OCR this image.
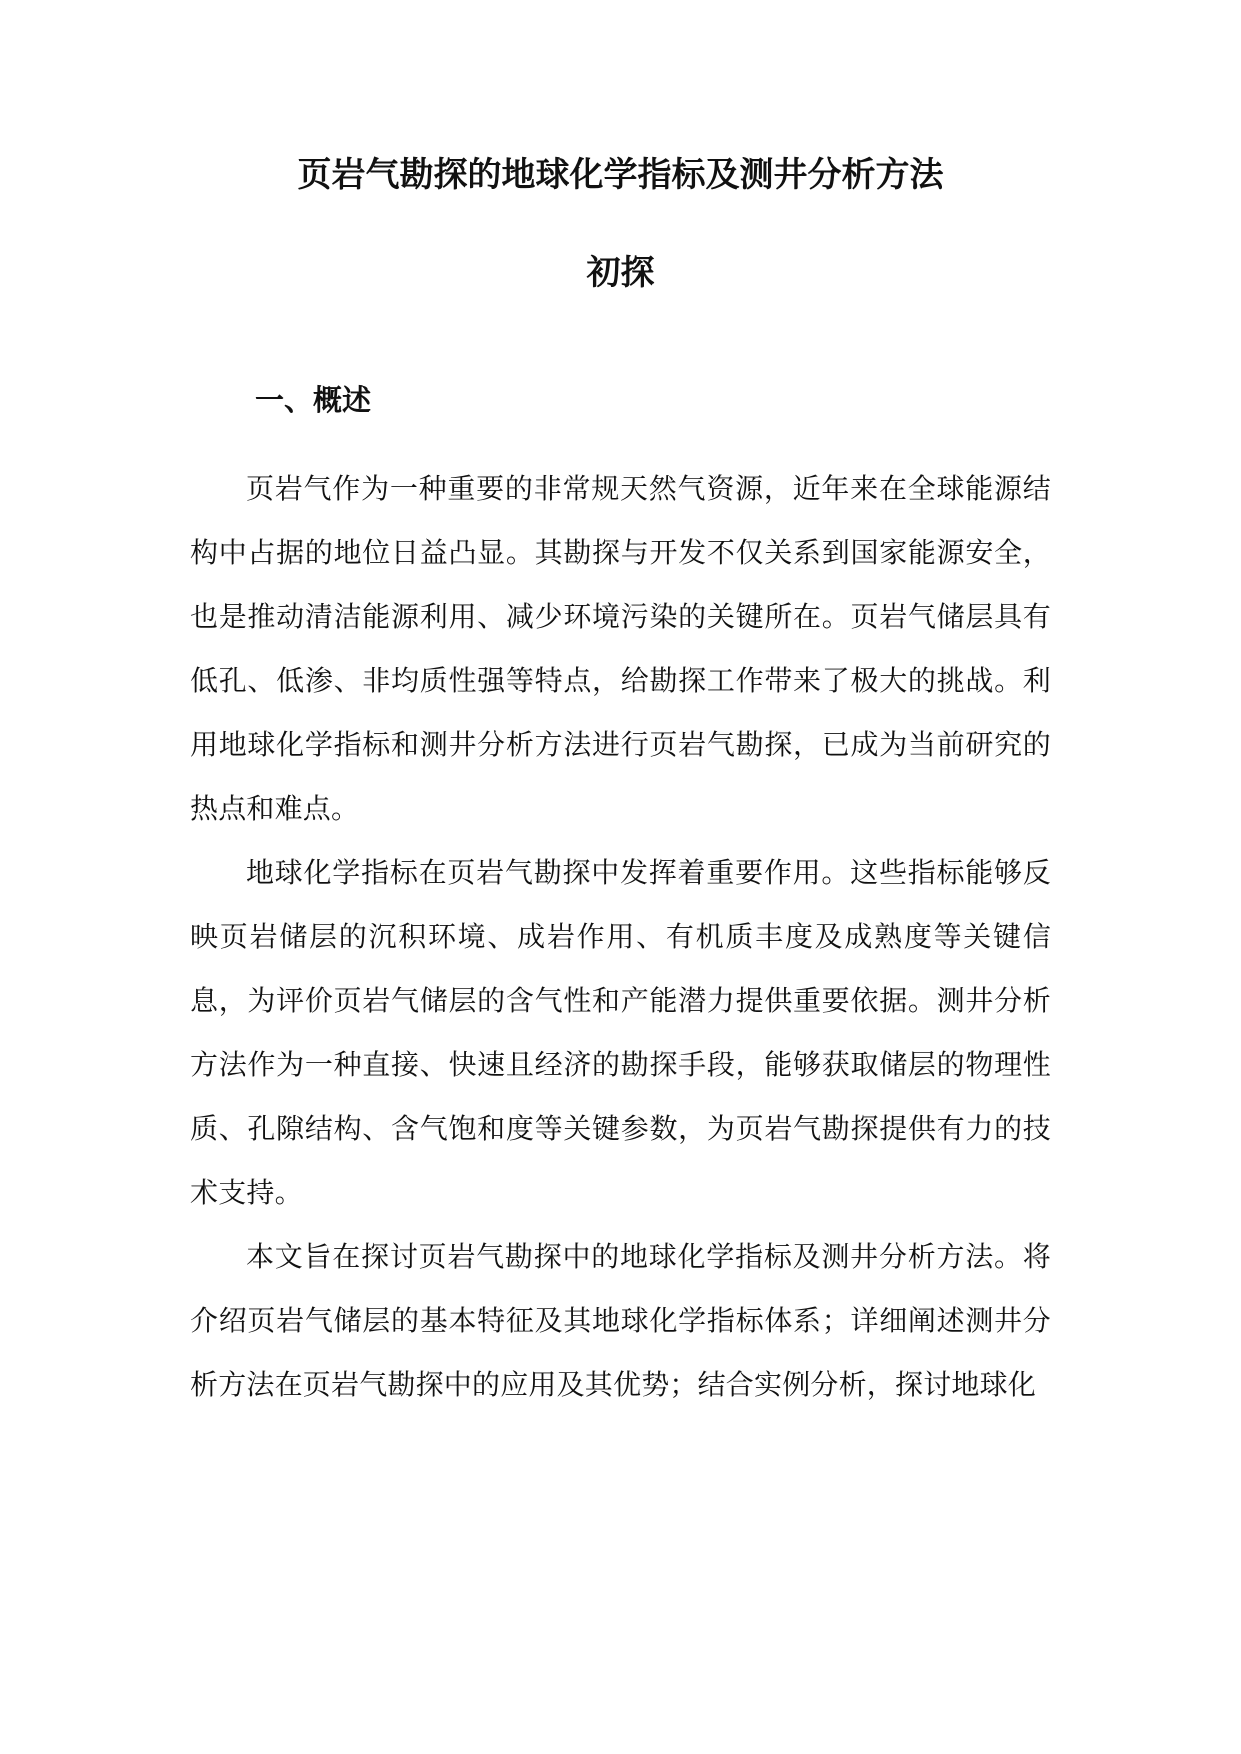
页岩气勘探的地球化学指标及测井分析方法
初探
一、概述

页岩气作为一种重要的非常规天然气资源，近年来在全球能源结构中占据的地位日益凸显。其勘探与开发不仅关系到国家能源安全，也是推动清洁能源利用、减少环境污染的关键所在。页岩气储层具有低孔、低渗、非均质性强等特点，给勘探工作带来了极大的挑战。利用地球化学指标和测井分析方法进行页岩气勘探，已成为当前研究的热点和难点。

地球化学指标在页岩气勘探中发挥着重要作用。这些指标能够反映页岩储层的沉积环境、成岩作用、有机质丰度及成熟度等关键信息，为评价页岩气储层的含气性和产能潜力提供重要依据。测井分析方法作为一种直接、快速且经济的勘探手段，能够获取储层的物理性质、孔隙结构、含气饱和度等关键参数，为页岩气勘探提供有力的技术支持。

本文旨在探讨页岩气勘探中的地球化学指标及测井分析方法。将介绍页岩气储层的基本特征及其地球化学指标体系；详细阐述测井分析方法在页岩气勘探中的应用及其优势；结合实例分析，探讨地球化
